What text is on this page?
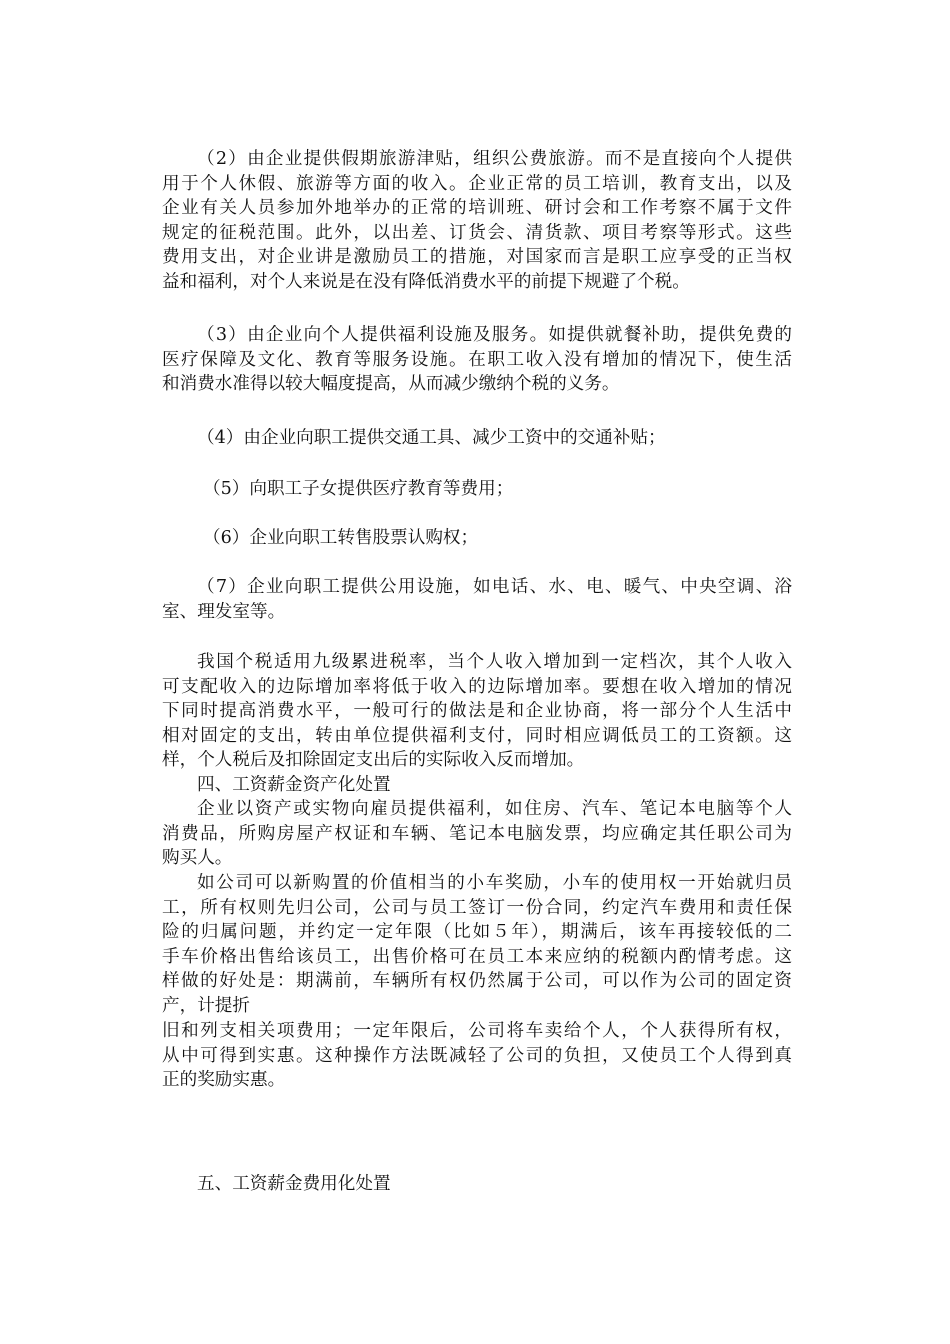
（2）由企业提供假期旅游津贴，组织公费旅游。而不是直接向个人提供
用于个人休假、旅游等方面的收入。企业正常的员工培训，教育支出，以及
企业有关人员参加外地举办的正常的培训班、研讨会和工作考察不属于文件
规定的征税范围。此外，以出差、订货会、清货款、项目考察等形式。这些
费用支出，对企业讲是激励员工的措施，对国家而言是职工应享受的正当权
益和福利，对个人来说是在没有降低消费水平的前提下规避了个税。
（3）由企业向个人提供福利设施及服务。如提供就餐补助，提供免费的
医疗保障及文化、教育等服务设施。在职工收入没有增加的情况下，使生活
和消费水准得以较大幅度提高，从而减少缴纳个税的义务。

（4）由企业向职工提供交通工具、减少工资中的交通补贴；

（5）向职工子女提供医疗教育等费用；

（6）企业向职工转售股票认购权；

（7）企业向职工提供公用设施，如电话、水、电、暖气、中央空调、浴
室、理发室等。
我国个税适用九级累进税率，当个人收入增加到一定档次，其个人收入
可支配收入的边际增加率将低于收入的边际增加率。要想在收入增加的情况
下同时提高消费水平，一般可行的做法是和企业协商，将一部分个人生活中
相对固定的支出，转由单位提供福利支付，同时相应调低员工的工资额。这
样，个人税后及扣除固定支出后的实际收入反而增加。

四、工资薪金资产化处置

企业以资产或实物向雇员提供福利，如住房、汽车、笔记本电脑等个人
消费品，所购房屋产权证和车辆、笔记本电脑发票，均应确定其任职公司为
购买人。
如公司可以新购置的价值相当的小车奖励，小车的使用权一开始就归员
工，所有权则先归公司，公司与员工签订一份合同，约定汽车费用和责任保
险的归属问题，并约定一定年限（比如５年），期满后，该车再接较低的二
手车价格出售给该员工，出售价格可在员工本来应纳的税额内酌情考虑。这
样做的好处是：期满前，车辆所有权仍然属于公司，可以作为公司的固定资
产，计提折
旧和列支相关项费用；一定年限后，公司将车卖给个人，个人获得所有权，
从中可得到实惠。这种操作方法既减轻了公司的负担，又使员工个人得到真
正的奖励实惠。

五、工资薪金费用化处置
